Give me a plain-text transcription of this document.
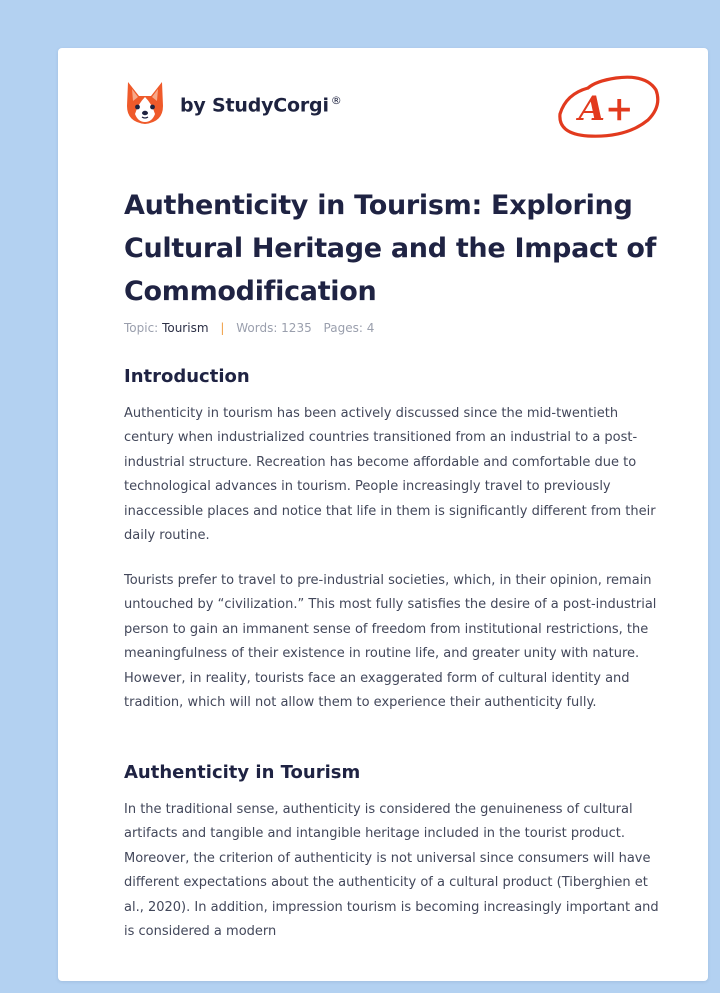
by StudyCorgi ®	A+
Authenticity in Tourism: Exploring Cultural Heritage and the Impact of Commodification
Topic: Tourism | Words: 1235 Pages: 4
Introduction

Authenticity in tourism has been actively discussed since the mid-twentieth century when industrialized countries transitioned from an industrial to a post-industrial structure. Recreation has become affordable and comfortable due to technological advances in tourism. People increasingly travel to previously inaccessible places and notice that life in them is significantly different from their daily routine.

Tourists prefer to travel to pre-industrial societies, which, in their opinion, remain untouched by “civilization.” This most fully satisfies the desire of a post-industrial person to gain an immanent sense of freedom from institutional restrictions, the meaningfulness of their existence in routine life, and greater unity with nature. However, in reality, tourists face an exaggerated form of cultural identity and tradition, which will not allow them to experience their authenticity fully.

Authenticity in Tourism

In the traditional sense, authenticity is considered the genuineness of cultural artifacts and tangible and intangible heritage included in the tourist product. Moreover, the criterion of authenticity is not universal since consumers will have different expectations about the authenticity of a cultural product (Tiberghien et al., 2020). In addition, impression tourism is becoming increasingly important and is considered a modern
